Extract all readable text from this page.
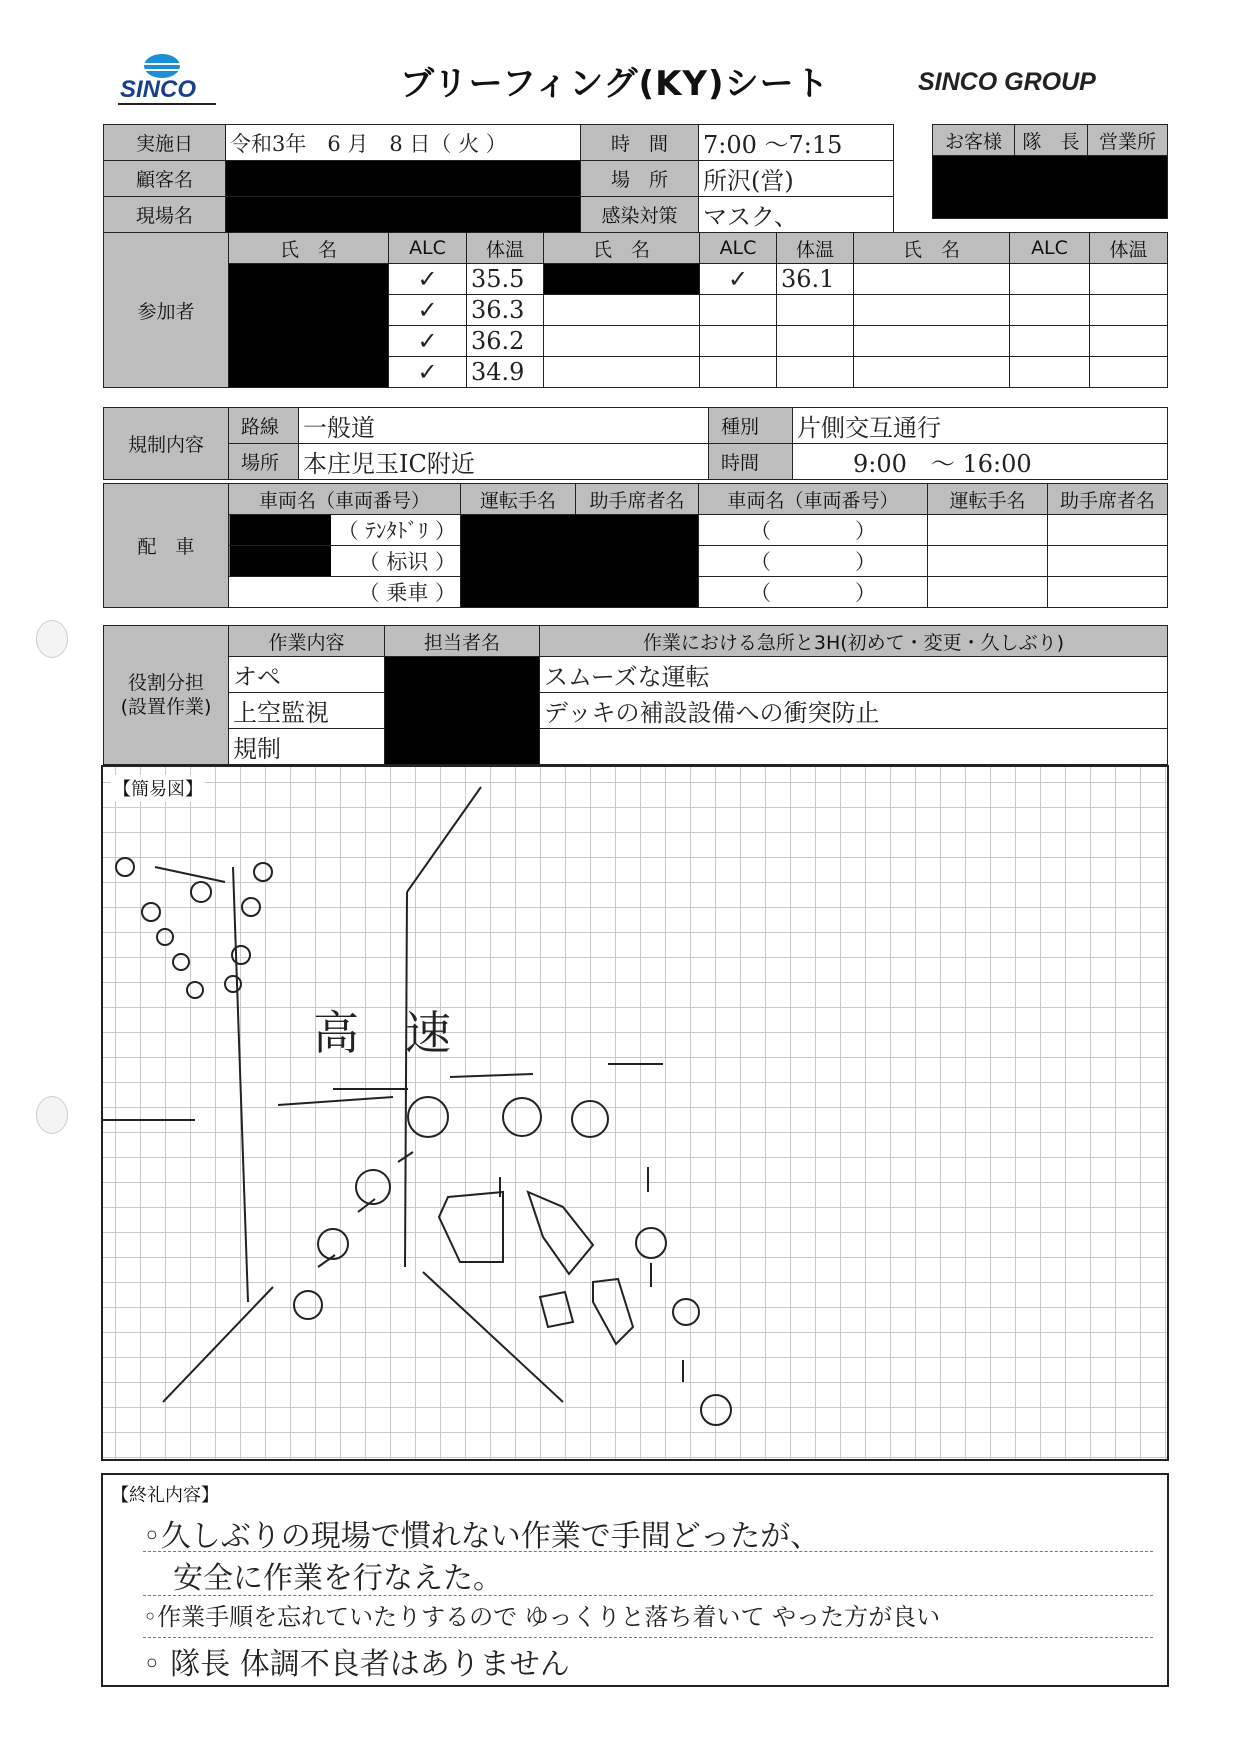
SINCO	ブリーフィング(KY)シート	SINCO GROUP
実施日	令和3年　6 月　8 日（ 火 ）	時　間	7:00 〜7:15
顧客名		場　所	所沢(営)
現場名		感染対策	マスク、
お客様	隊　長	営業所

参加者	氏　名	ALC	体温	氏　名	ALC	体温	氏　名	ALC	体温
		✓	35.5		✓	36.1			
		✓	36.3						
		✓	36.2						
		✓	34.9						
規制内容	路線	一般道	種別	片側交互通行
	場所	本庄児玉IC附近	時間	9:00　〜 16:00
配　車	車両名（車両番号）	運転手名	助手席者名	車両名（車両番号）	運転手名	助手席者名
	（ ﾃﾝﾀﾄﾞﾘ ）			（　　　　）		
	（ 标识 ）			（　　　　）		
	（ 乗車 ）			（　　　　）		
役割分担
(設置作業)	作業内容	担当者名	作業における急所と3H(初めて・変更・久しぶり)
	オペ		スムーズな運転
	上空監視		デッキの補設設備への衝突防止
	規制		
【簡易図】
高　速
【終礼内容】
◦久しぶりの現場で慣れない作業で手間どったが、
　安全に作業を行なえた。
◦作業手順を忘れていたりするので ゆっくりと落ち着いて やった方が良い
◦ 隊長 体調不良者はありません
